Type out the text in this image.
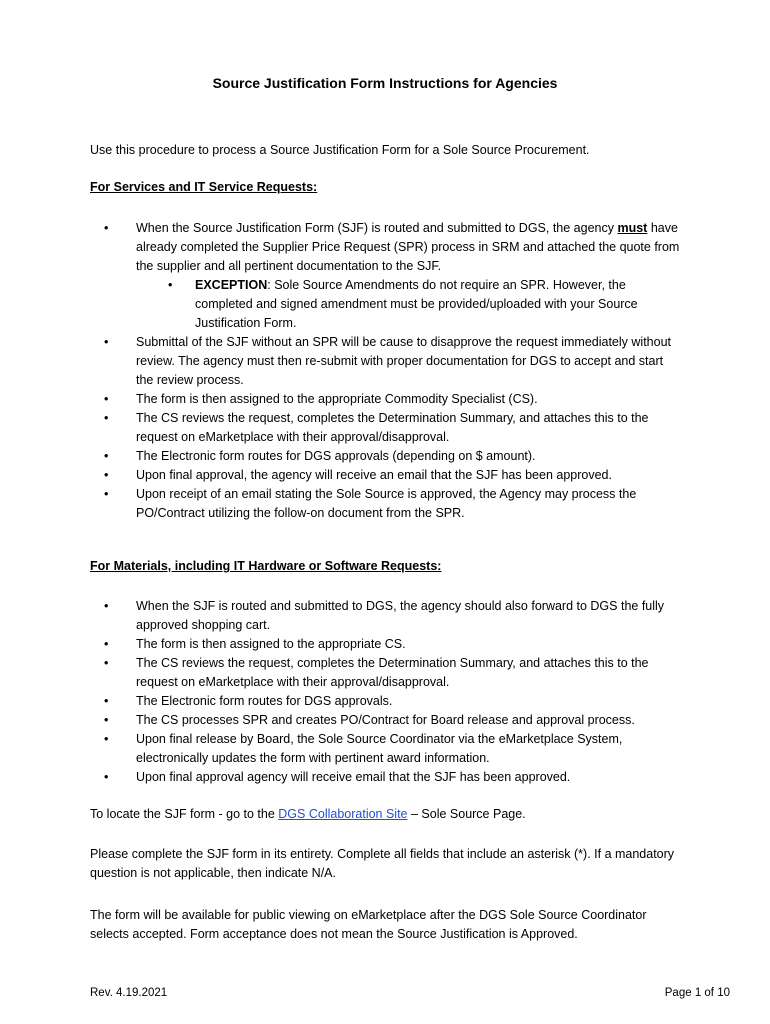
Source Justification Form Instructions for Agencies
Use this procedure to process a Source Justification Form for a Sole Source Procurement.
For Services and IT Service Requests:
• When the Source Justification Form (SJF) is routed and submitted to DGS, the agency must have already completed the Supplier Price Request (SPR) process in SRM and attached the quote from the supplier and all pertinent documentation to the SJF.
• EXCEPTION: Sole Source Amendments do not require an SPR. However, the completed and signed amendment must be provided/uploaded with your Source Justification Form.
• Submittal of the SJF without an SPR will be cause to disapprove the request immediately without review. The agency must then re-submit with proper documentation for DGS to accept and start the review process.
• The form is then assigned to the appropriate Commodity Specialist (CS).
• The CS reviews the request, completes the Determination Summary, and attaches this to the request on eMarketplace with their approval/disapproval.
• The Electronic form routes for DGS approvals (depending on $ amount).
• Upon final approval, the agency will receive an email that the SJF has been approved.
• Upon receipt of an email stating the Sole Source is approved, the Agency may process the PO/Contract utilizing the follow-on document from the SPR.
For Materials, including IT Hardware or Software Requests:
• When the SJF is routed and submitted to DGS, the agency should also forward to DGS the fully approved shopping cart.
• The form is then assigned to the appropriate CS.
• The CS reviews the request, completes the Determination Summary, and attaches this to the request on eMarketplace with their approval/disapproval.
• The Electronic form routes for DGS approvals.
• The CS processes SPR and creates PO/Contract for Board release and approval process.
• Upon final release by Board, the Sole Source Coordinator via the eMarketplace System, electronically updates the form with pertinent award information.
• Upon final approval agency will receive email that the SJF has been approved.
To locate the SJF form - go to the DGS Collaboration Site – Sole Source Page.
Please complete the SJF form in its entirety. Complete all fields that include an asterisk (*). If a mandatory question is not applicable, then indicate N/A.
The form will be available for public viewing on eMarketplace after the DGS Sole Source Coordinator selects accepted. Form acceptance does not mean the Source Justification is Approved.
Rev. 4.19.2021	Page 1 of 10
